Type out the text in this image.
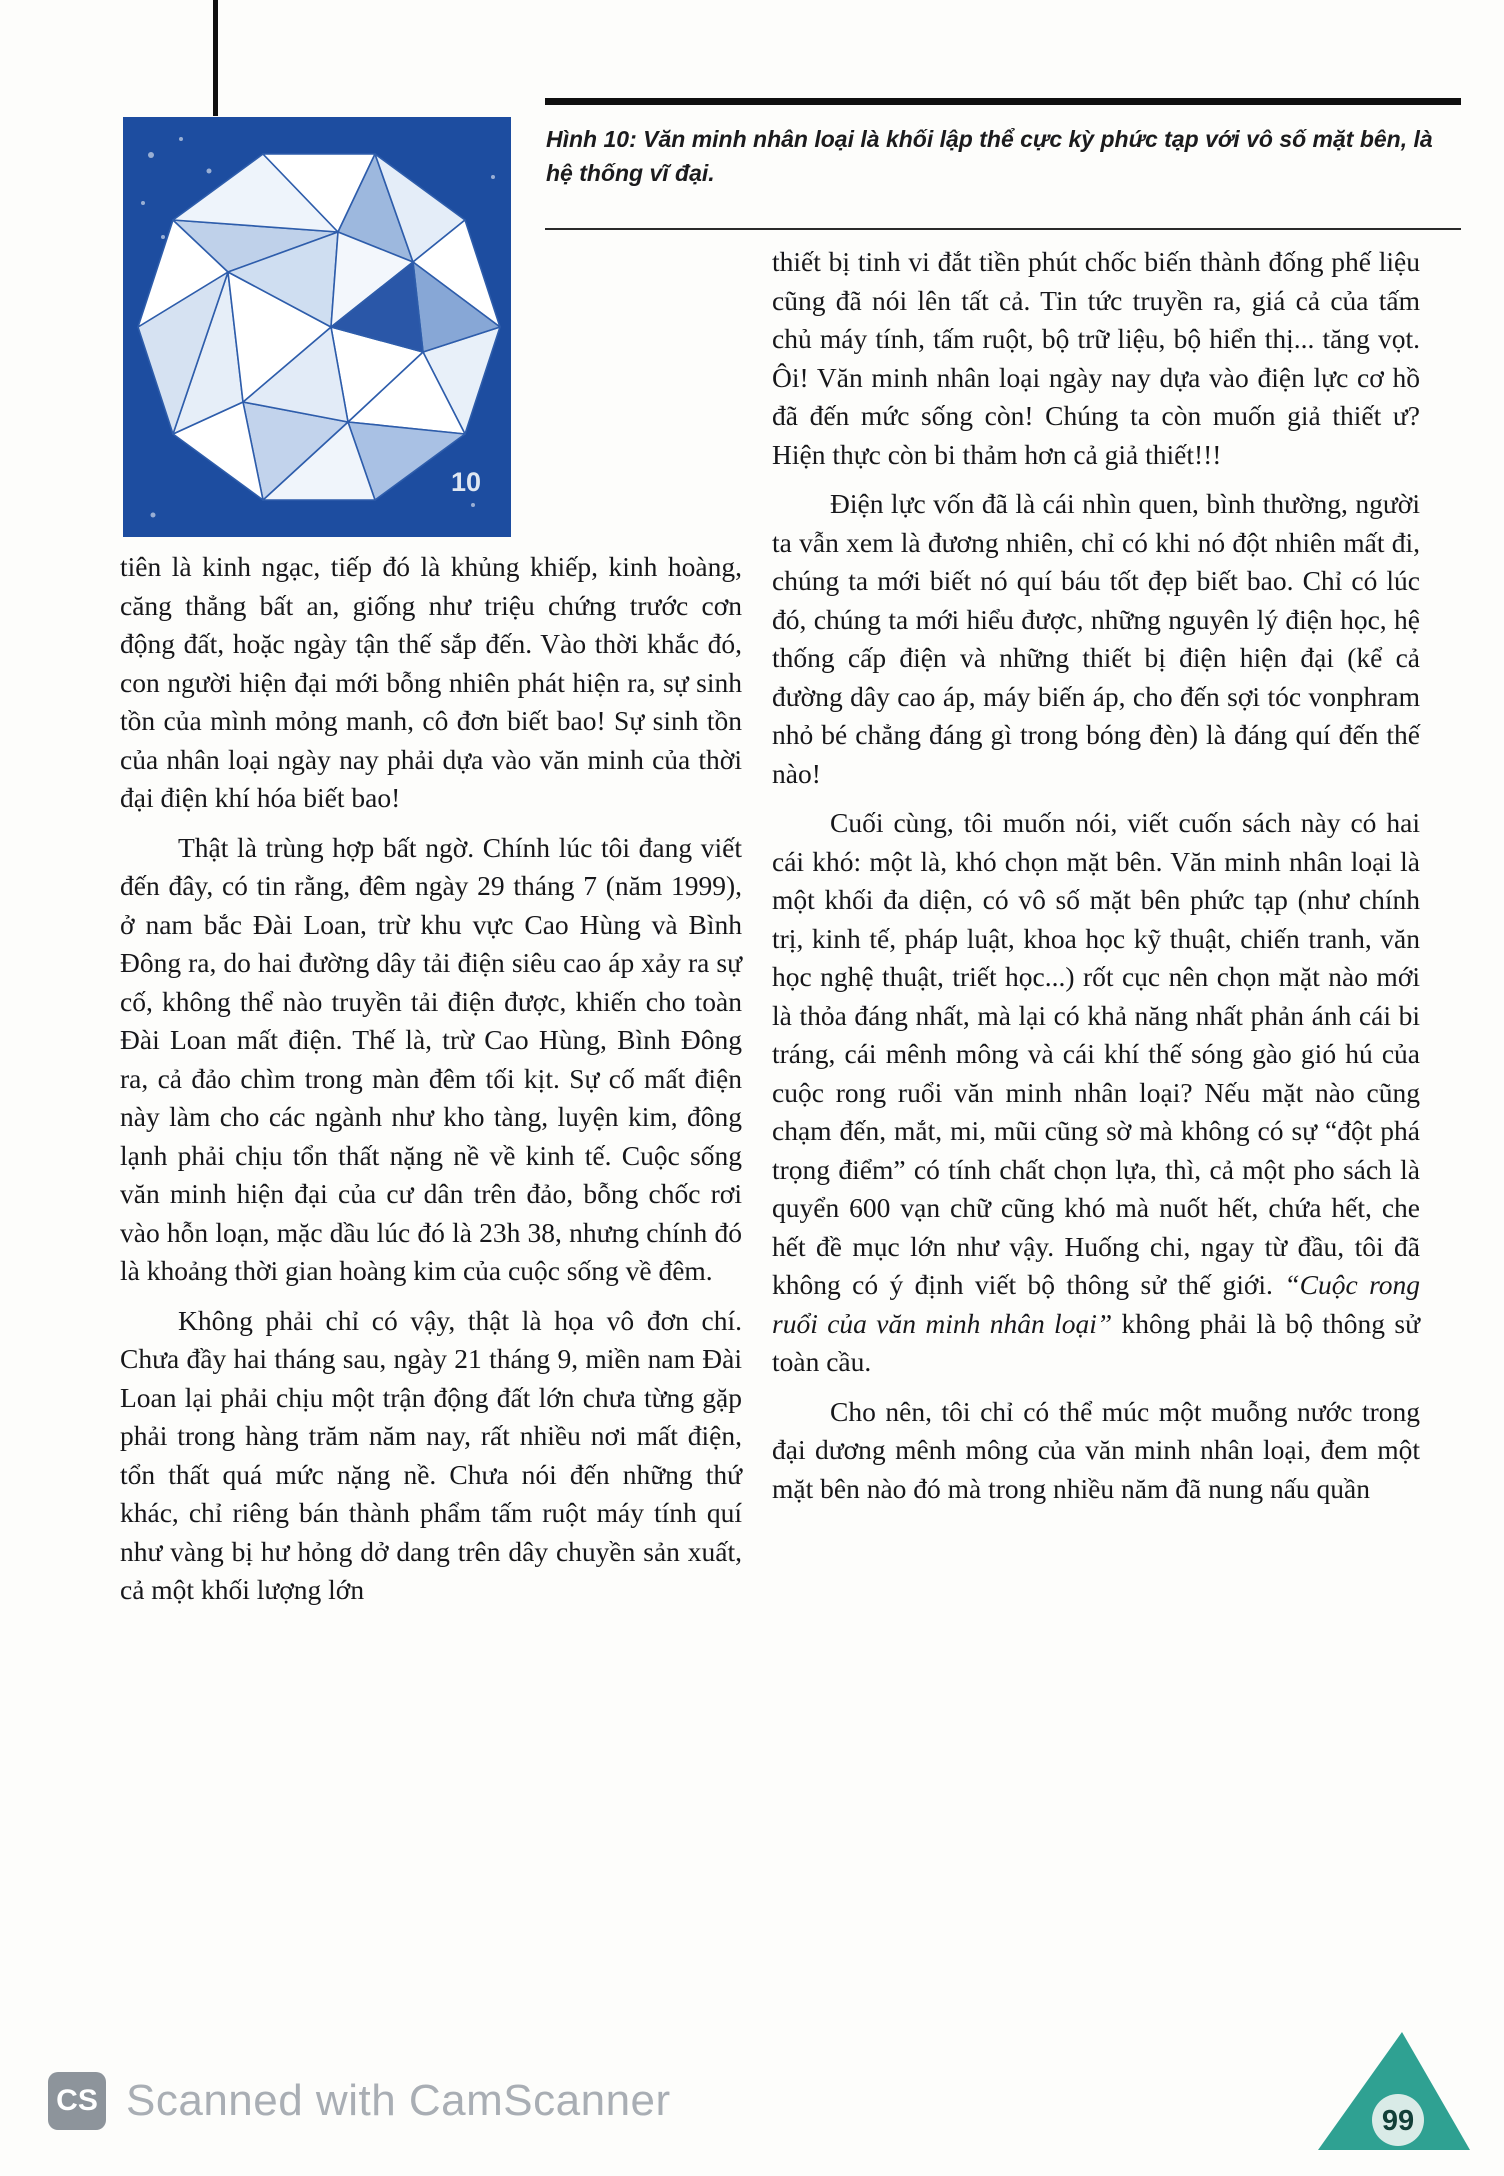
10
Hình 10: Văn minh nhân loại là khối lập thể cực kỳ phức tạp với vô số mặt bên, là hệ thống vĩ đại.

tiên là kinh ngạc, tiếp đó là khủng khiếp, kinh hoàng, căng thẳng bất an, giống như triệu chứng trước cơn động đất, hoặc ngày tận thế sắp đến. Vào thời khắc đó, con người hiện đại mới bỗng nhiên phát hiện ra, sự sinh tồn của mình mỏng manh, cô đơn biết bao! Sự sinh tồn của nhân loại ngày nay phải dựa vào văn minh của thời đại điện khí hóa biết bao!

Thật là trùng hợp bất ngờ. Chính lúc tôi đang viết đến đây, có tin rằng, đêm ngày 29 tháng 7 (năm 1999), ở nam bắc Đài Loan, trừ khu vực Cao Hùng và Bình Đông ra, do hai đường dây tải điện siêu cao áp xảy ra sự cố, không thể nào truyền tải điện được, khiến cho toàn Đài Loan mất điện. Thế là, trừ Cao Hùng, Bình Đông ra, cả đảo chìm trong màn đêm tối kịt. Sự cố mất điện này làm cho các ngành như kho tàng, luyện kim, đông lạnh phải chịu tổn thất nặng nề về kinh tế. Cuộc sống văn minh hiện đại của cư dân trên đảo, bỗng chốc rơi vào hỗn loạn, mặc dầu lúc đó là 23h 38, nhưng chính đó là khoảng thời gian hoàng kim của cuộc sống về đêm.

Không phải chỉ có vậy, thật là họa vô đơn chí. Chưa đầy hai tháng sau, ngày 21 tháng 9, miền nam Đài Loan lại phải chịu một trận động đất lớn chưa từng gặp phải trong hàng trăm năm nay, rất nhiều nơi mất điện, tổn thất quá mức nặng nề. Chưa nói đến những thứ khác, chỉ riêng bán thành phẩm tấm ruột máy tính quí như vàng bị hư hỏng dở dang trên dây chuyền sản xuất, cả một khối lượng lớn

thiết bị tinh vi đắt tiền phút chốc biến thành đống phế liệu cũng đã nói lên tất cả. Tin tức truyền ra, giá cả của tấm chủ máy tính, tấm ruột, bộ trữ liệu, bộ hiển thị... tăng vọt. Ôi! Văn minh nhân loại ngày nay dựa vào điện lực cơ hồ đã đến mức sống còn! Chúng ta còn muốn giả thiết ư? Hiện thực còn bi thảm hơn cả giả thiết!!!

Điện lực vốn đã là cái nhìn quen, bình thường, người ta vẫn xem là đương nhiên, chỉ có khi nó đột nhiên mất đi, chúng ta mới biết nó quí báu tốt đẹp biết bao. Chỉ có lúc đó, chúng ta mới hiểu được, những nguyên lý điện học, hệ thống cấp điện và những thiết bị điện hiện đại (kể cả đường dây cao áp, máy biến áp, cho đến sợi tóc vonphram nhỏ bé chẳng đáng gì trong bóng đèn) là đáng quí đến thế nào!

Cuối cùng, tôi muốn nói, viết cuốn sách này có hai cái khó: một là, khó chọn mặt bên. Văn minh nhân loại là một khối đa diện, có vô số mặt bên phức tạp (như chính trị, kinh tế, pháp luật, khoa học kỹ thuật, chiến tranh, văn học nghệ thuật, triết học...) rốt cục nên chọn mặt nào mới là thỏa đáng nhất, mà lại có khả năng nhất phản ánh cái bi tráng, cái mênh mông và cái khí thế sóng gào gió hú của cuộc rong ruổi văn minh nhân loại? Nếu mặt nào cũng chạm đến, mắt, mi, mũi cũng sờ mà không có sự “đột phá trọng điểm” có tính chất chọn lựa, thì, cả một pho sách là quyển 600 vạn chữ cũng khó mà nuốt hết, chứa hết, che hết đề mục lớn như vậy. Huống chi, ngay từ đầu, tôi đã không có ý định viết bộ thông sử thế giới. “Cuộc rong ruổi của văn minh nhân loại” không phải là bộ thông sử toàn cầu.

Cho nên, tôi chỉ có thể múc một muỗng nước trong đại dương mênh mông của văn minh nhân loại, đem một mặt bên nào đó mà trong nhiều năm đã nung nấu quần

CS Scanned with CamScanner	99
